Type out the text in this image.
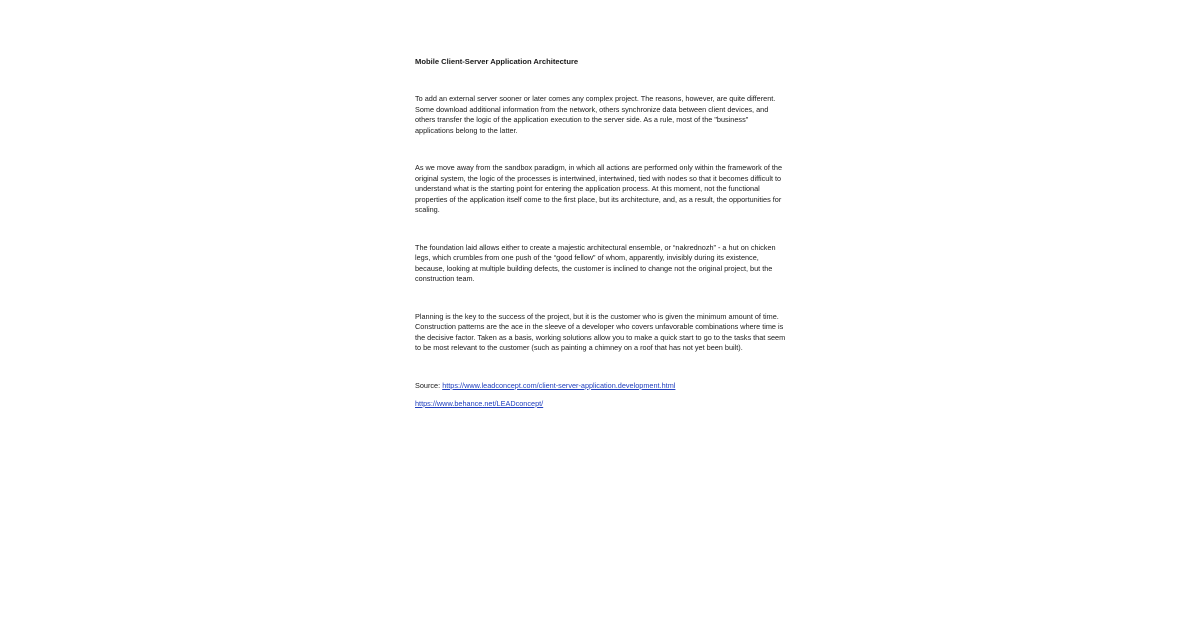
Mobile Client-Server Application Architecture

To add an external server sooner or later comes any complex project. The reasons, however, are quite different. Some download additional information from the network, others synchronize data between client devices, and others transfer the logic of the application execution to the server side. As a rule, most of the "business" applications belong to the latter.

As we move away from the sandbox paradigm, in which all actions are performed only within the framework of the original system, the logic of the processes is intertwined, intertwined, tied with nodes so that it becomes difficult to understand what is the starting point for entering the application process. At this moment, not the functional properties of the application itself come to the first place, but its architecture, and, as a result, the opportunities for scaling.

The foundation laid allows either to create a majestic architectural ensemble, or “nakrednozh” - a hut on chicken legs, which crumbles from one push of the “good fellow” of whom, apparently, invisibly during its existence, because, looking at multiple building defects, the customer is inclined to change not the original project, but the construction team.

Planning is the key to the success of the project, but it is the customer who is given the minimum amount of time. Construction patterns are the ace in the sleeve of a developer who covers unfavorable combinations where time is the decisive factor. Taken as a basis, working solutions allow you to make a quick start to go to the tasks that seem to be most relevant to the customer (such as painting a chimney on a roof that has not yet been built).

Source: https://www.leadconcept.com/client-server-application.development.html
https://www.behance.net/LEADconcept/
